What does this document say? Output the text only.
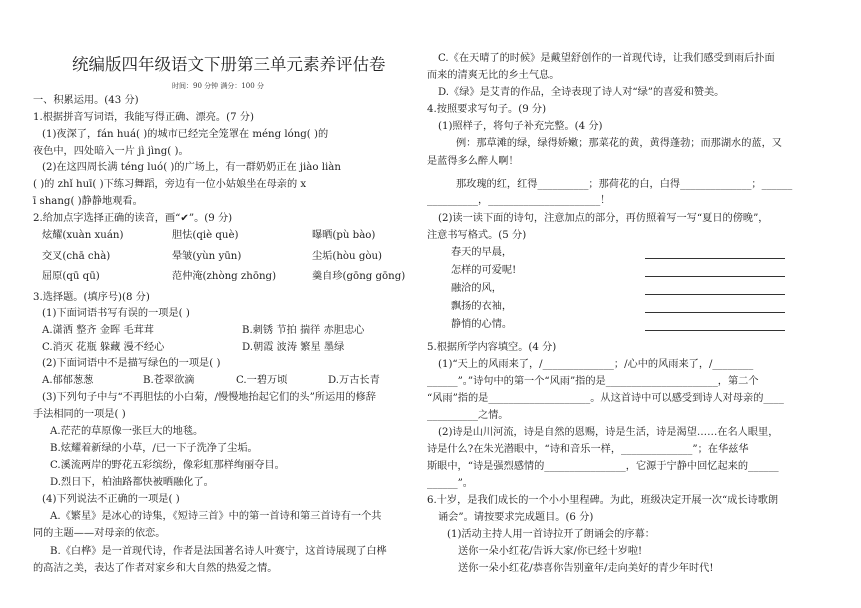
统编版四年级语文下册第三单元素养评估卷
时间：90 分钟 满分：100 分
一、积累运用。(43 分)
1.根据拼音写词语，我能写得正确、漂亮。(7 分)
(1)夜深了，fán huá( )的城市已经完全笼罩在 méng lóng( )的
夜色中，四处暗入一片 jì jìng( )。
(2)在这四周长满 téng luó( )的广场上，有一群奶奶正在 jiào liàn
( )的 zhǐ huī( )下练习舞蹈，旁边有一位小姑娘坐在母亲的 x
ī shang( )静静地观看。
2.给加点字选择正确的读音，画“✔”。(9 分)
炫耀(xuàn xuán)	胆怯(qiè què)	曝晒(pù bào)
交叉(chā chà)	晕皱(yùn yūn)	尘垢(hòu gòu)
屈原(qū qū)	范仲淹(zhòng zhōng)	羹自珍(gōng gōng)
3.选择题。(填序号)(8 分)
(1)下面词语书写有误的一项是( )
A.潇洒 整齐 金晖 毛茸茸	B.刺锈 节拍 揣徉 赤胆忠心
C.消灭 花瓶 躲藏 漫不经心	D.朝霞 波涛 繁星 墨绿
(2)下面词语中不是描写绿色的一项是( )
A.郁郁葱葱	B.苍翠欲滴	C.一碧万顷	D.万古长青
(3)下列句子中与“不再胆怯的小白菊，/慢慢地抬起它们的头”所运用的修辞
手法相同的一项是( )
A.茫茫的草原像一张巨大的地毯。
B.炫耀着新绿的小草，/已一下子洗净了尘垢。
C.溪流两岸的野花五彩缤纷，像彩虹那样绚丽夺目。
D.烈日下，柏油路都快被晒融化了。
(4)下列说法不正确的一项是( )
A.《繁星》是冰心的诗集，《短诗三首》中的第一首诗和第三首诗有一个共
同的主题——对母亲的依恋。
B.《白桦》是一首现代诗，作者是法国著名诗人叶赛宁，这首诗展现了白桦
的高洁之美，表达了作者对家乡和大自然的热爱之情。
C.《在天晴了的时候》是戴望舒创作的一首现代诗，让我们感受到雨后扑面
而来的清爽无比的乡土气息。
D.《绿》是艾青的作品，全诗表现了诗人对“绿”的喜爱和赞美。
4.按照要求写句子。(9 分)
(1)照样子，将句子补充完整。(4 分)
例：那草滩的绿，绿得娇嫩；那菜花的黄，黄得蓬勃；而那湖水的蓝，又
是蓝得多么醉人啊！
那玫瑰的红，红得__________；那荷花的白，白得______________；______
__________，______________________！
(2)读一读下面的诗句，注意加点的部分，再仿照着写一写“夏日的傍晚”，
注意书写格式。(5 分)
春天的早晨，
怎样的可爱呢!
融洽的风，
飘扬的衣袖，
静悄的心情。
5.根据所学内容填空。(4 分)
(1)“天上的风雨来了，/______________；/心中的风雨来了，/________
______”。”诗句中的第一个“风雨”指的是______________________，第二个
“风雨”指的是____________________。从这首诗中可以感受到诗人对母亲的____
__________之情。
(2)诗是山川河流，诗是自然的恩赐，诗是生活，诗是渴望……在名人眼里，
诗是什么?在朱光潜眼中，“诗和音乐一样，______________”；在华兹华
斯眼中，“诗是强烈感情的________________，它源于宁静中回忆起来的______
______”。
6.十岁，是我们成长的一个小小里程碑。为此，班级决定开展一次“成长诗歌朗
诵会”。请按要求完成题目。(6 分)
(1)活动主持人用一首诗拉开了朗诵会的序幕：
送你一朵小红花/告诉大家/你已经十岁啦!
送你一朵小红花/恭喜你告别童年/走向美好的青少年时代!
